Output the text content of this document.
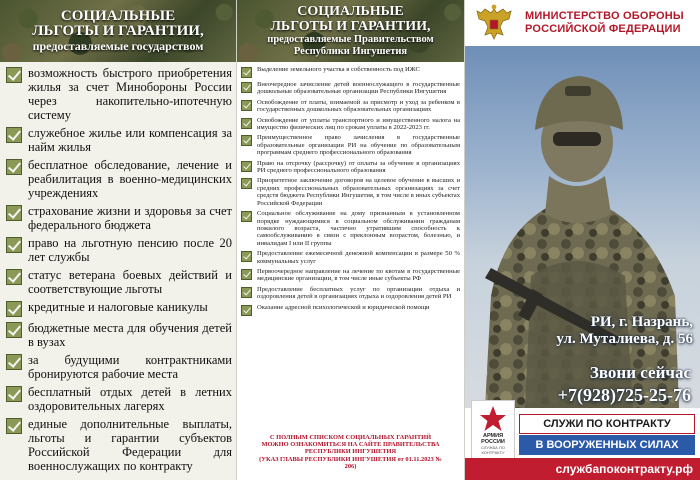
СОЦИАЛЬНЫЕ
ЛЬГОТЫ И ГАРАНТИИ,
предоставляемые государством
возможность быстрого приобретения жилья за счет Минобороны России через накопительно-ипотечную систему
служебное жилье или компенсация за найм жилья
бесплатное обследование, лечение и реабилитация в военно-медицинских учреждениях
страхование жизни и здоровья за счет федерального бюджета
право на льготную пенсию после 20 лет службы
статус ветерана боевых действий и соответствующие льготы
кредитные и налоговые каникулы
бюджетные места для обучения детей в вузах
за будущими контрактниками бронируются рабочие места
бесплатный отдых детей в летних оздоровительных лагерях
единые дополнительные выплаты, льготы и гарантии субъектов Российской Федерации для военнослужащих по контракту
СОЦИАЛЬНЫЕ
ЛЬГОТЫ И ГАРАНТИИ,
предоставляемые Правительством
Республики Ингушетия
Выделение земельного участка в собственность под ИЖС
Внеочередное зачисление детей военнослужащего в государственные дошкольные образовательные организации Республики Ингушетия
Освобождение от платы, взимаемой за присмотр и уход за ребенком в государственных дошкольных образовательных организациях
Освобождение от уплаты транспортного и имущественного налога на имущество физических лиц по срокам уплаты в 2022-2023 гг.
Преимущественное право зачисления в государственные образовательные организации РИ на обучение по образовательным программам среднего профессионального образования
Право на отсрочку (рассрочку) от оплаты за обучение в организациях РИ среднего профессионального образования
Приоритетное заключение договоров на целевое обучение в высших и средних профессиональных образовательных организациях за счет средств бюджета Республики Ингушетия, в том числе в иных субъектах Российской Федерации
Социальное обслуживание на дому признанным в установленном порядке нуждающимися в социальном обслуживании гражданам пожилого возраста, частично утратившим способность к самообслуживанию в связи с преклонным возрастом, болезнью, и инвалидам I или II группы
Предоставление ежемесячной денежной компенсации в размере 50 % коммунальных услуг
Первоочередное направление на лечение по квотам в государственные медицинские организации, в том числе иные субъекты РФ
Предоставление бесплатных услуг по организации отдыха и оздоровления детей в организациях отдыха и оздоровления детей РИ
Оказание адресной психологической и юридической помощи
С ПОЛНЫМ СПИСКОМ СОЦИАЛЬНЫХ ГАРАНТИЙ
МОЖНО ОЗНАКОМИТЬСЯ НА САЙТЕ ПРАВИТЕЛЬСТВА
РЕСПУБЛИКИ ИНГУШЕТИЯ
(УКАЗ ГЛАВЫ РЕСПУБЛИКИ ИНГУШЕТИЯ от 01.11.2023 №
206)
МИНИСТЕРСТВО ОБОРОНЫ
РОССИЙСКОЙ ФЕДЕРАЦИИ
РИ, г. Назрань,
ул. Муталиева, д. 56
Звони сейчас
+7(928)725-25-76
АРМИЯ
РОССИИ
СЛУЖБА ПО КОНТРАКТУ
СЛУЖИ ПО КОНТРАКТУ
В ВООРУЖЕННЫХ СИЛАХ
службапоконтракту.рф
